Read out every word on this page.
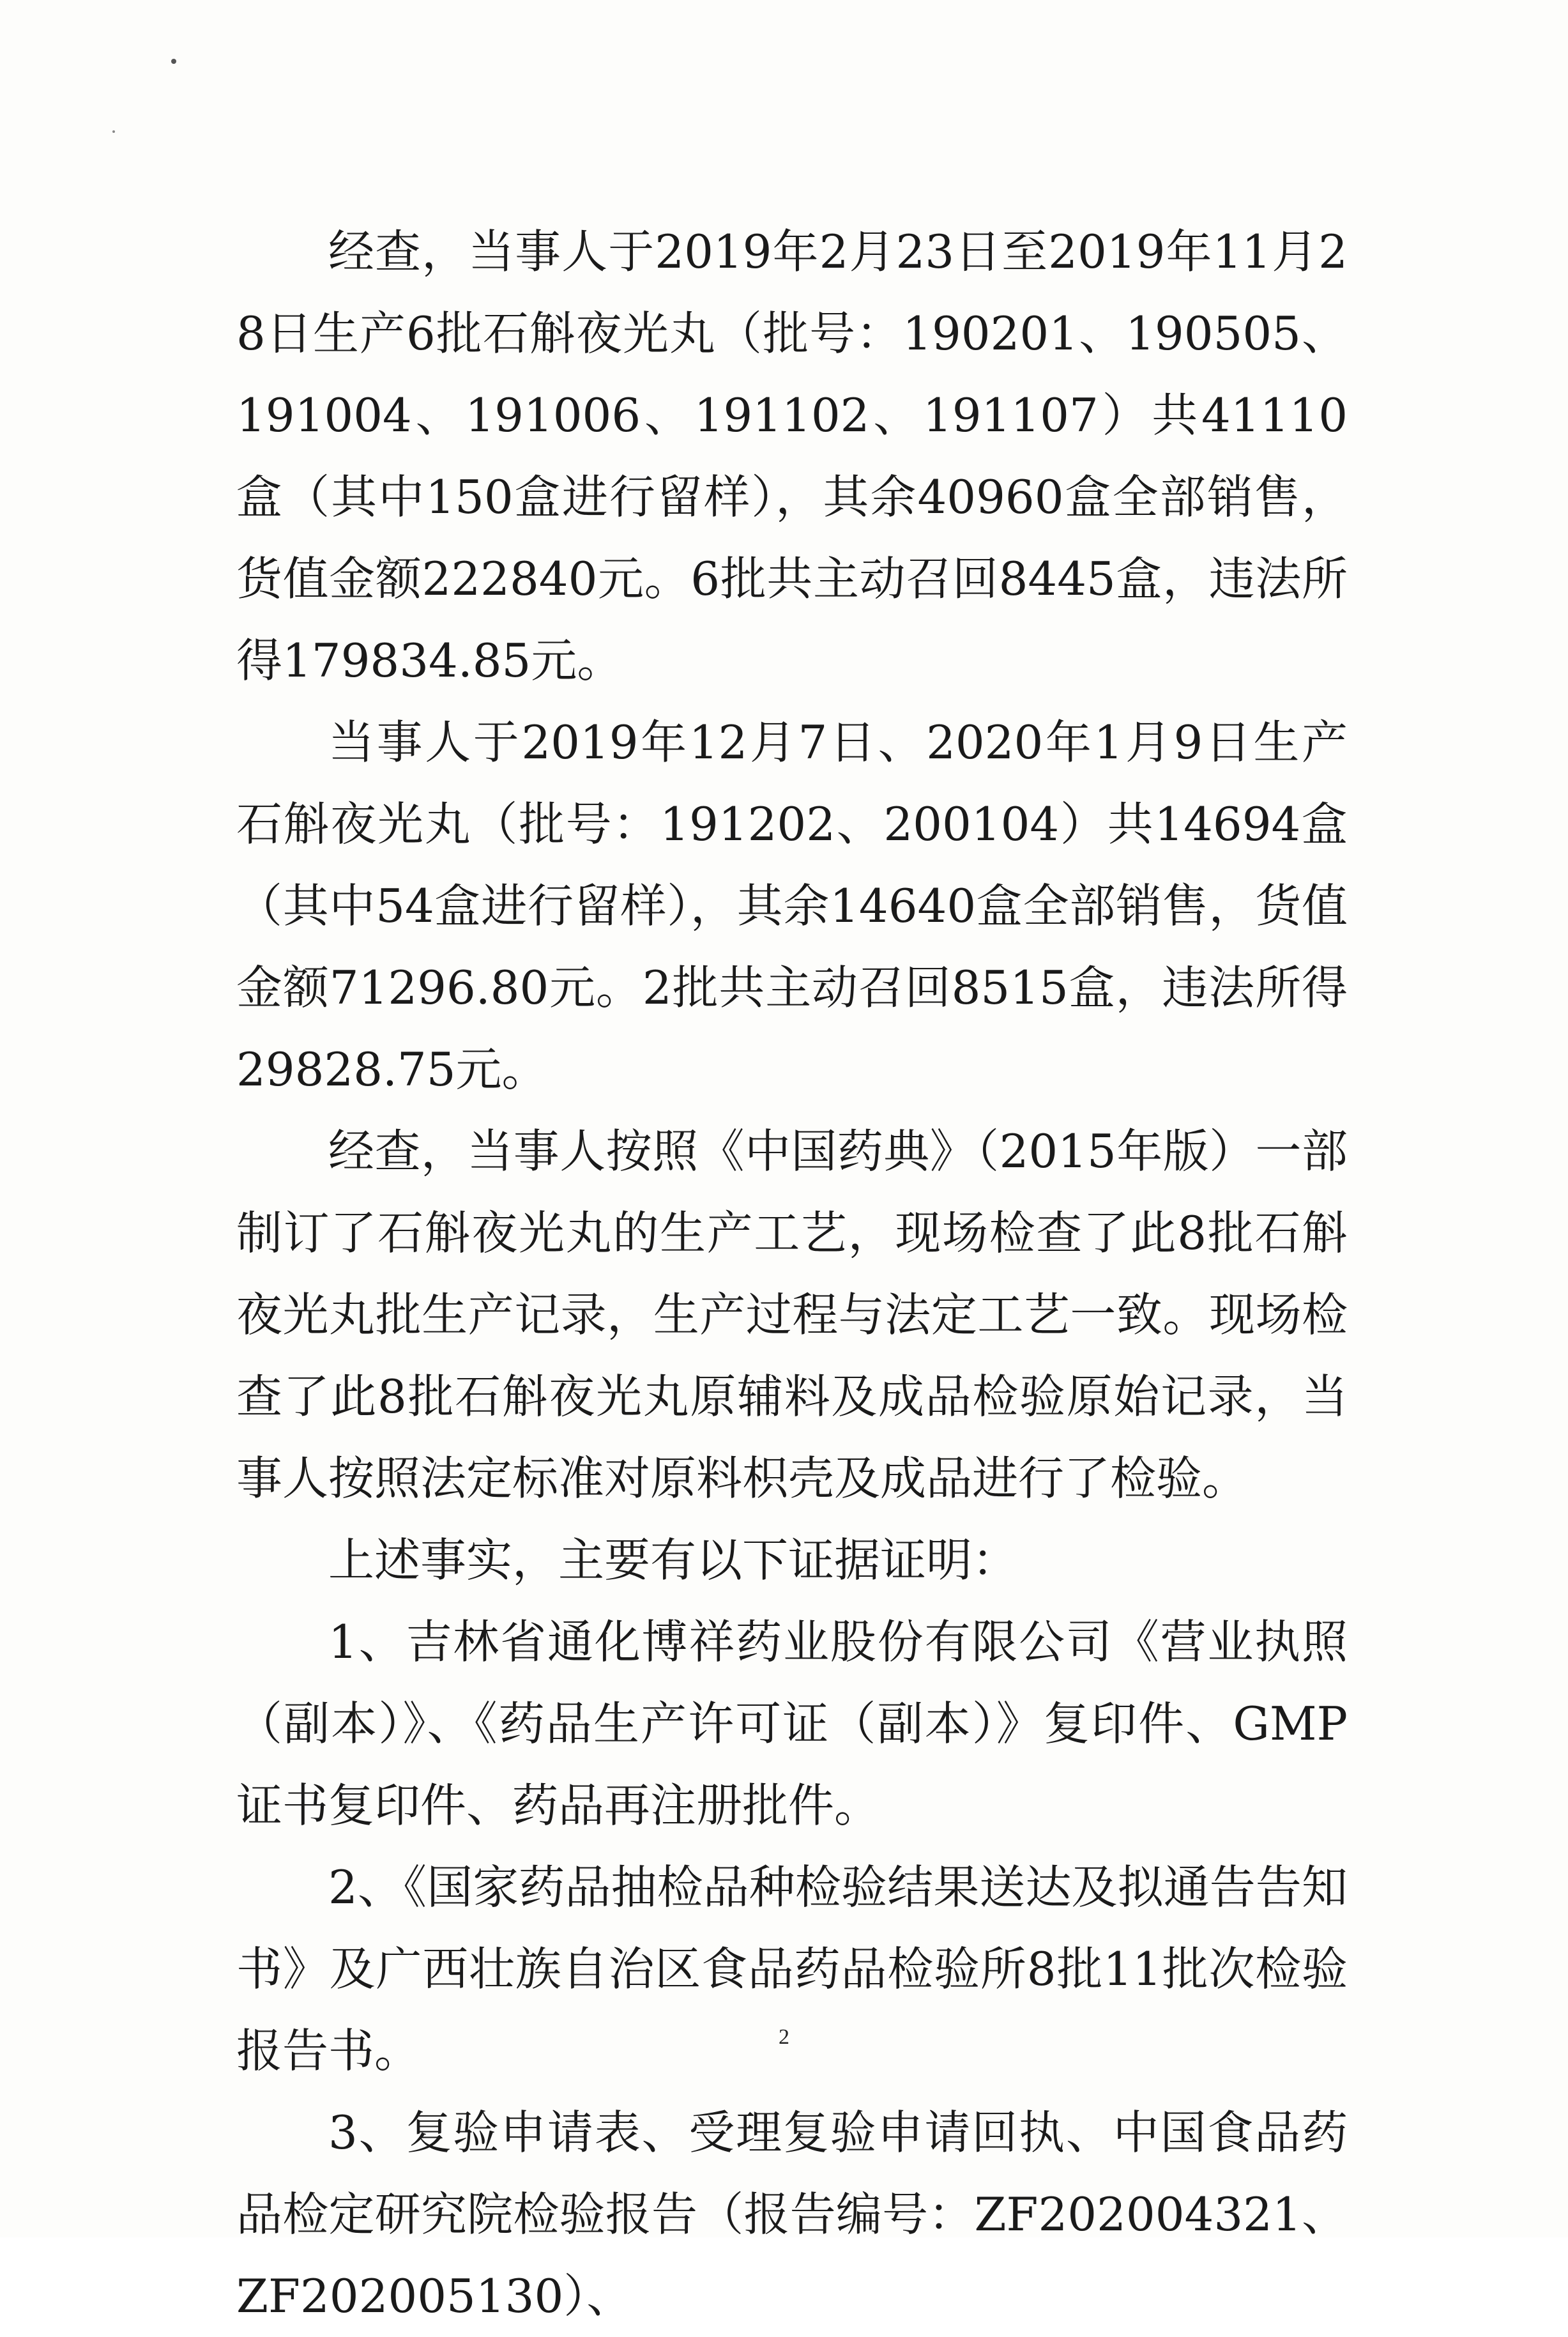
经查，当事人于2019年2月23日至2019年11月28日生产6批石斛夜光丸（批号：190201、190505、191004、191006、191102、191107）共41110盒（其中150盒进行留样），其余40960盒全部销售，货值金额222840元。6批共主动召回8445盒，违法所得179834.85元。

当事人于2019年12月7日、2020年1月9日生产石斛夜光丸（批号：191202、200104）共14694盒（其中54盒进行留样），其余14640盒全部销售，货值金额71296.80元。2批共主动召回8515盒，违法所得29828.75元。

经查，当事人按照《中国药典》（2015年版）一部制订了石斛夜光丸的生产工艺，现场检查了此8批石斛夜光丸批生产记录，生产过程与法定工艺一致。现场检查了此8批石斛夜光丸原辅料及成品检验原始记录，当事人按照法定标准对原料枳壳及成品进行了检验。

上述事实，主要有以下证据证明：

1、吉林省通化博祥药业股份有限公司《营业执照（副本）》、《药品生产许可证（副本）》复印件、GMP证书复印件、药品再注册批件。

2、《国家药品抽检品种检验结果送达及拟通告告知书》及广西壮族自治区食品药品检验所8批11批次检验报告书。

3、复验申请表、受理复验申请回执、中国食品药品检定研究院检验报告（报告编号：ZF202004321、ZF202005130）、

2
